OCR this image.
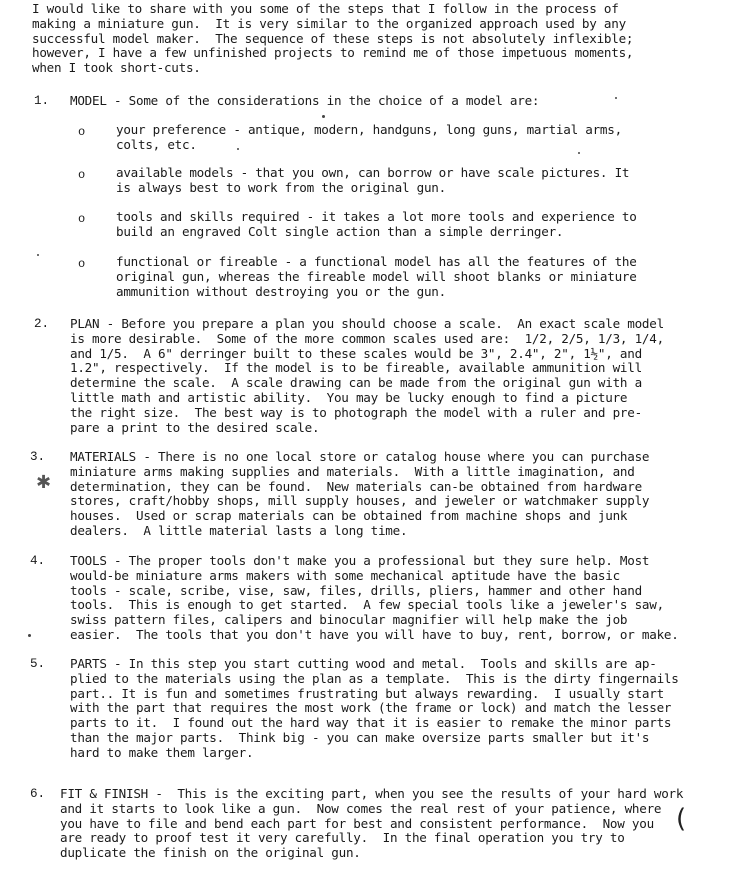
I would like to share with you some of the steps that I follow in the process of
making a miniature gun.  It is very similar to the organized approach used by any
successful model maker.  The sequence of these steps is not absolutely inflexible;
however, I have a few unfinished projects to remind me of those impetuous moments,
when I took short-cuts.
1. MODEL - Some of the considerations in the choice of a model are:
o your preference - antique, modern, handguns, long guns, martial arms,
colts, etc.
o available models - that you own, can borrow or have scale pictures. It
is always best to work from the original gun.
o tools and skills required - it takes a lot more tools and experience to
build an engraved Colt single action than a simple derringer.
o functional or fireable - a functional model has all the features of the
original gun, whereas the fireable model will shoot blanks or miniature
ammunition without destroying you or the gun.
2. PLAN - Before you prepare a plan you should choose a scale.  An exact scale model
is more desirable.  Some of the more common scales used are:  1/2, 2/5, 1/3, 1/4,
and 1/5.  A 6" derringer built to these scales would be 3", 2.4", 2", 1½", and
1.2", respectively.  If the model is to be fireable, available ammunition will
determine the scale.  A scale drawing can be made from the original gun with a
little math and artistic ability.  You may be lucky enough to find a picture
the right size.  The best way is to photograph the model with a ruler and pre-
pare a print to the desired scale.
3. MATERIALS - There is no one local store or catalog house where you can purchase
miniature arms making supplies and materials.  With a little imagination, and
determination, they can be found.  New materials can-be obtained from hardware
stores, craft/hobby shops, mill supply houses, and jeweler or watchmaker supply
houses.  Used or scrap materials can be obtained from machine shops and junk
dealers.  A little material lasts a long time.
4. TOOLS - The proper tools don't make you a professional but they sure help. Most
would-be miniature arms makers with some mechanical aptitude have the basic
tools - scale, scribe, vise, saw, files, drills, pliers, hammer and other hand
tools.  This is enough to get started.  A few special tools like a jeweler's saw,
swiss pattern files, calipers and binocular magnifier will help make the job
easier.  The tools that you don't have you will have to buy, rent, borrow, or make.
5. PARTS - In this step you start cutting wood and metal.  Tools and skills are ap-
plied to the materials using the plan as a template.  This is the dirty fingernails
part.. It is fun and sometimes frustrating but always rewarding.  I usually start
with the part that requires the most work (the frame or lock) and match the lesser
parts to it.  I found out the hard way that it is easier to remake the minor parts
than the major parts.  Think big - you can make oversize parts smaller but it's
hard to make them larger.
6. FIT & FINISH -  This is the exciting part, when you see the results of your hard work
and it starts to look like a gun.  Now comes the real rest of your patience, where
you have to file and bend each part for best and consistent performance.  Now you
are ready to proof test it very carefully.  In the final operation you try to
duplicate the finish on the original gun.
✱
(
